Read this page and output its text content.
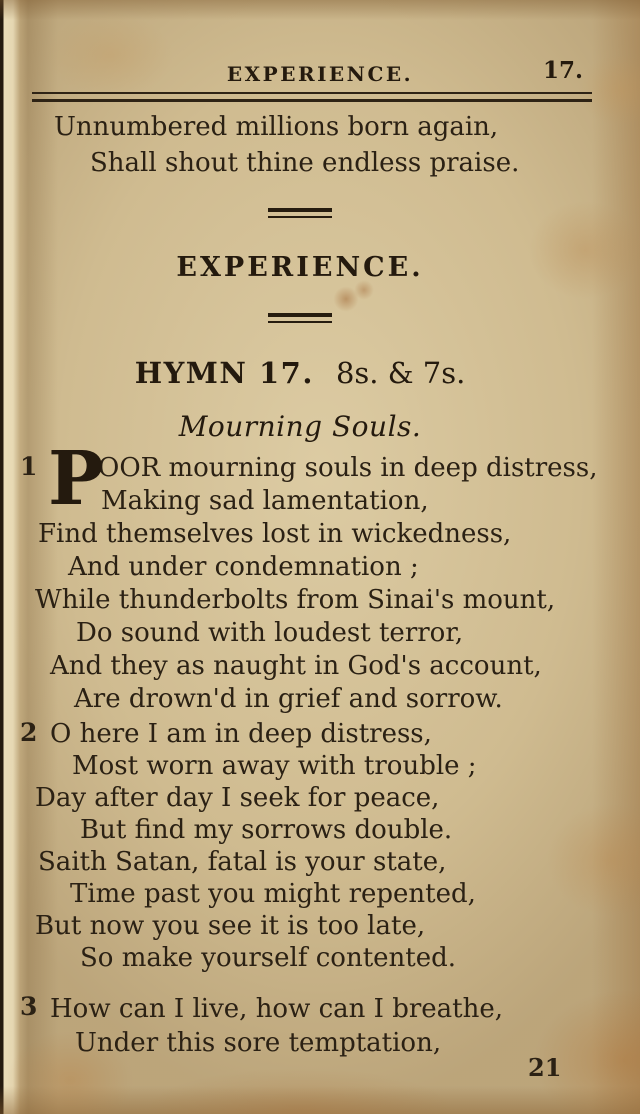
EXPERIENCE.	17.
Unnumbered millions born again,
Shall shout thine endless praise.
EXPERIENCE.
HYMN 17. 8s. & 7s.
Mourning Souls.
1 P
OOR mourning souls in deep distress,
Making sad lamentation,
Find themselves lost in wickedness,
And under condemnation ;
While thunderbolts from Sinai's mount,
Do sound with loudest terror,
And they as naught in God's account,
Are drown'd in grief and sorrow.
2 O here I am in deep distress,
Most worn away with trouble ;
Day after day I seek for peace,
But find my sorrows double.
Saith Satan, fatal is your state,
Time past you might repented,
But now you see it is too late,
So make yourself contented.
3 How can I live, how can I breathe,
Under this sore temptation,
21
